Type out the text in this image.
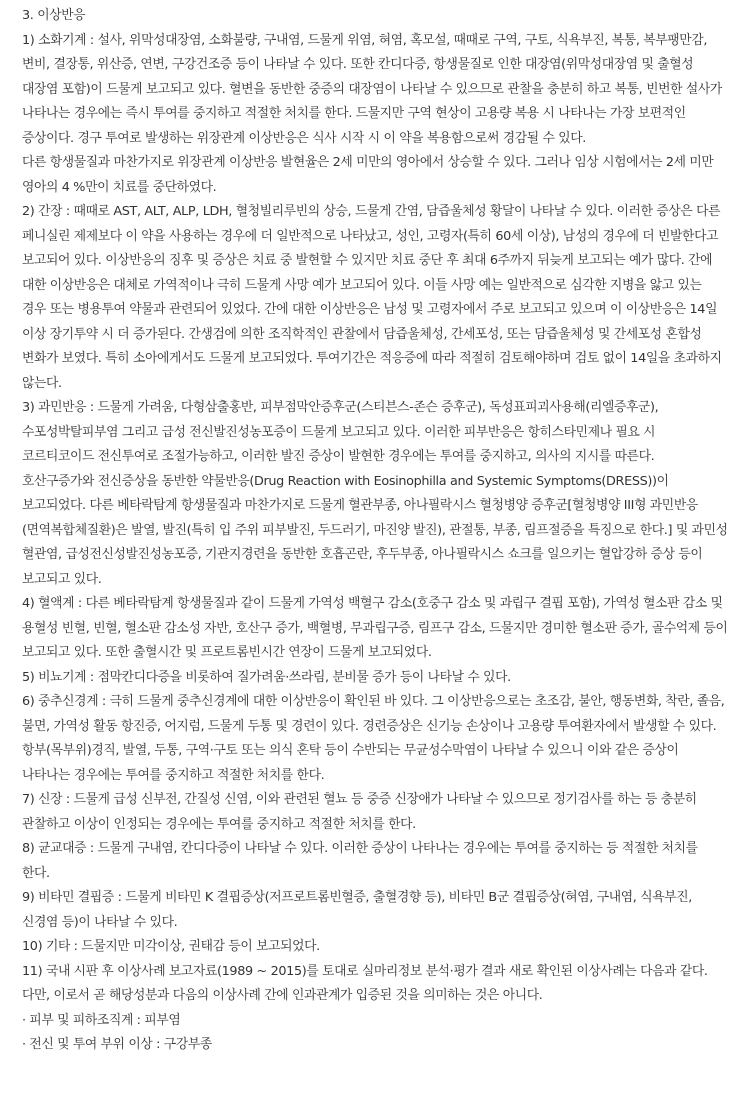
3. 이상반응

1) 소화기계 : 설사, 위막성대장염, 소화불량, 구내염, 드물게 위염, 혀염, 혹모설, 때때로 구역, 구토, 식욕부진, 복통, 복부팽만감, 변비, 결장통, 위산증, 연변, 구강건조증 등이 나타날 수 있다. 또한 칸디다증, 항생물질로 인한 대장염(위막성대장염 및 출혈성 대장염 포함)이 드물게 보고되고 있다. 혈변을 동반한 중증의 대장염이 나타날 수 있으므로 관찰을 충분히 하고 복통, 빈번한 설사가 나타나는 경우에는 즉시 투여를 중지하고 적절한 처치를 한다. 드물지만 구역 현상이 고용량 복용 시 나타나는 가장 보편적인 증상이다. 경구 투여로 발생하는 위장관계 이상반응은 식사 시작 시 이 약을 복용함으로써 경감될 수 있다.

다른 항생물질과 마찬가지로 위장관계 이상반응 발현율은 2세 미만의 영아에서 상승할 수 있다. 그러나 임상 시험에서는 2세 미만 영아의 4 %만이 치료를 중단하였다.

2) 간장 : 때때로 AST, ALT, ALP, LDH, 혈청빌리루빈의 상승, 드물게 간염, 담즙울체성 황달이 나타날 수 있다. 이러한 증상은 다른 페니실린 제제보다 이 약을 사용하는 경우에 더 일반적으로 나타났고, 성인, 고령자(특히 60세 이상), 남성의 경우에 더 빈발한다고 보고되어 있다. 이상반응의 징후 및 증상은 치료 중 발현할 수 있지만 치료 중단 후 최대 6주까지 뒤늦게 보고되는 예가 많다. 간에 대한 이상반응은 대체로 가역적이나 극히 드물게 사망 예가 보고되어 있다. 이들 사망 예는 일반적으로 심각한 지병을 앓고 있는 경우 또는 병용투여 약물과 관련되어 있었다. 간에 대한 이상반응은 남성 및 고령자에서 주로 보고되고 있으며 이 이상반응은 14일 이상 장기투약 시 더 증가된다. 간생검에 의한 조직학적인 관찰에서 담즙울체성, 간세포성, 또는 담즙울체성 및 간세포성 혼합성 변화가 보였다. 특히 소아에게서도 드물게 보고되었다. 투여기간은 적응증에 따라 적절히 검토해야하며 검토 없이 14일을 초과하지 않는다.

3) 과민반응 : 드물게 가려움, 다형삼출홍반, 피부점막안증후군(스티븐스-존슨 증후군), 독성표피괴사용해(리엘증후군), 수포성박탈피부염 그리고 급성 전신발진성농포증이 드물게 보고되고 있다. 이러한 피부반응은 항히스타민제나 필요 시 코르티코이드 전신투여로 조절가능하고, 이러한 발진 증상이 발현한 경우에는 투여를 중지하고, 의사의 지시를 따른다. 호산구증가와 전신증상을 동반한 약물반응(Drug Reaction with Eosinophilla and Systemic Symptoms(DRESS))이 보고되었다. 다른 베타락탐계 항생물질과 마찬가지로 드물게 혈관부종, 아나필락시스 혈청병양 증후군[혈청병양 III형 과민반응(면역복합체질환)은 발열, 발진(특히 입 주위 피부발진, 두드러기, 마진양 발진), 관절통, 부종, 림프절증을 특징으로 한다.] 및 과민성 혈관염, 급성전신성발진성농포증, 기관지경련을 동반한 호흡곤란, 후두부종, 아나필락시스 쇼크를 일으키는 혈압강하 증상 등이 보고되고 있다.

4) 혈액계 : 다른 베타락탐계 항생물질과 같이 드물게 가역성 백혈구 감소(호중구 감소 및 과립구 결핍 포함), 가역성 혈소판 감소 및 용혈성 빈혈, 빈혈, 혈소판 감소성 자반, 호산구 증가, 백혈병, 무과립구증, 림프구 감소, 드물지만 경미한 혈소판 증가, 골수억제 등이 보고되고 있다. 또한 출혈시간 및 프로트롬빈시간 연장이 드물게 보고되었다.

5) 비뇨기계 : 점막칸디다증을 비롯하여 질가려움·쓰라림, 분비물 증가 등이 나타날 수 있다.

6) 중추신경계 : 극히 드물게 중추신경계에 대한 이상반응이 확인된 바 있다. 그 이상반응으로는 초조감, 불안, 행동변화, 착란, 졸음, 불면, 가역성 활동 항진증, 어지럼, 드물게 두통 및 경련이 있다. 경련증상은 신기능 손상이나 고용량 투여환자에서 발생할 수 있다. 항부(목부위)경직, 발열, 두통, 구역·구토 또는 의식 혼탁 등이 수반되는 무균성수막염이 나타날 수 있으니 이와 같은 증상이 나타나는 경우에는 투여를 중지하고 적절한 처치를 한다.

7) 신장 : 드물게 급성 신부전, 간질성 신염, 이와 관련된 혈뇨 등 중증 신장애가 나타날 수 있으므로 정기검사를 하는 등 충분히 관찰하고 이상이 인정되는 경우에는 투여를 중지하고 적절한 처치를 한다.

8) 균교대증 : 드물게 구내염, 칸디다증이 나타날 수 있다. 이러한 증상이 나타나는 경우에는 투여를 중지하는 등 적절한 처치를 한다.

9) 비타민 결핍증 : 드물게 비타민 K 결핍증상(저프로트롬빈혈증, 출혈경향 등), 비타민 B군 결핍증상(혀염, 구내염, 식욕부진, 신경염 등)이 나타날 수 있다.

10) 기타 : 드물지만 미각이상, 권태감 등이 보고되었다.

11) 국내 시판 후 이상사례 보고자료(1989 ~ 2015)를 토대로 실마리정보 분석·평가 결과 새로 확인된 이상사례는 다음과 같다. 다만, 이로서 곧 해당성분과 다음의 이상사례 간에 인과관계가 입증된 것을 의미하는 것은 아니다.

· 피부 및 피하조직계 : 피부염

· 전신 및 투여 부위 이상 : 구강부종
